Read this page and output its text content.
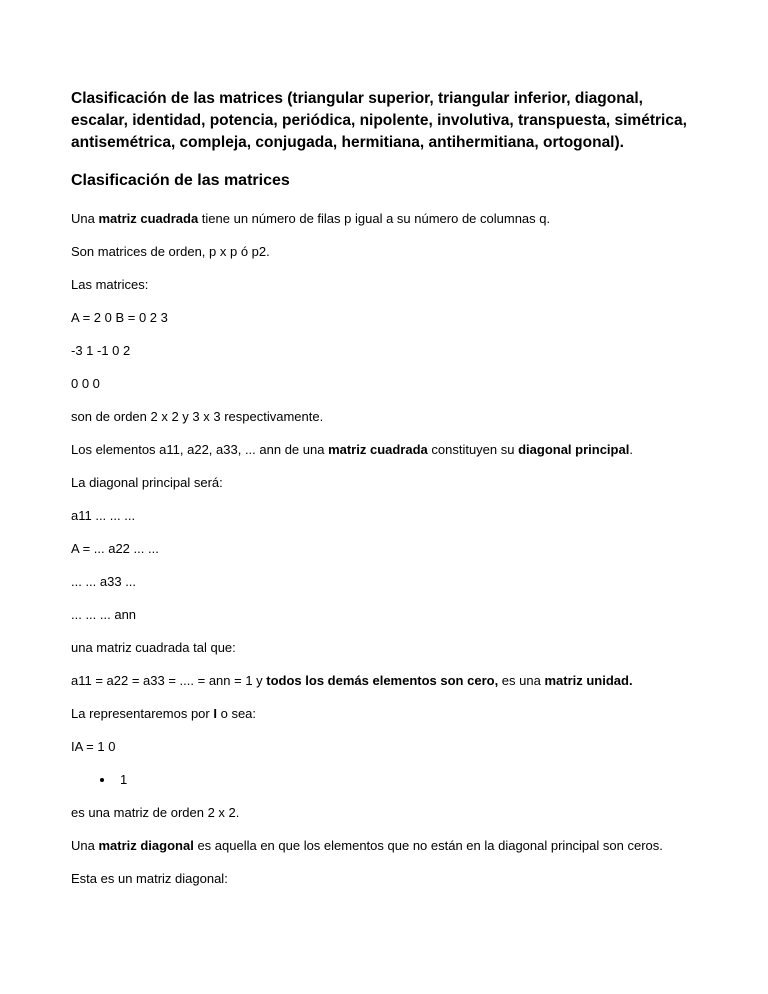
Clasificación de las matrices (triangular superior, triangular inferior, diagonal, escalar, identidad, potencia, periódica, nipolente, involutiva, transpuesta, simétrica, antisemétrica, compleja, conjugada, hermitiana, antihermitiana, ortogonal).
Clasificación de las matrices
Una matriz cuadrada tiene un número de filas p igual a su número de columnas q.
Son matrices de orden, p x p ó p2.
Las matrices:
A = 2 0 B = 0 2 3
-3 1 -1 0 2
0 0 0
son de orden 2 x 2 y 3 x 3 respectivamente.
Los elementos a11, a22, a33, ... ann de una matriz cuadrada constituyen su diagonal principal.
La diagonal principal será:
a11 ... ... ...
A = ... a22 ... ...
... ... a33 ...
... ... ... ann
una matriz cuadrada tal que:
a11 = a22 = a33 = .... = ann = 1 y todos los demás elementos son cero, es una matriz unidad.
La representaremos por I o sea:
IA = 1 0
1
es una matriz de orden 2 x 2.
Una matriz diagonal es aquella en que los elementos que no están en la diagonal principal son ceros.
Esta es un matriz diagonal:
